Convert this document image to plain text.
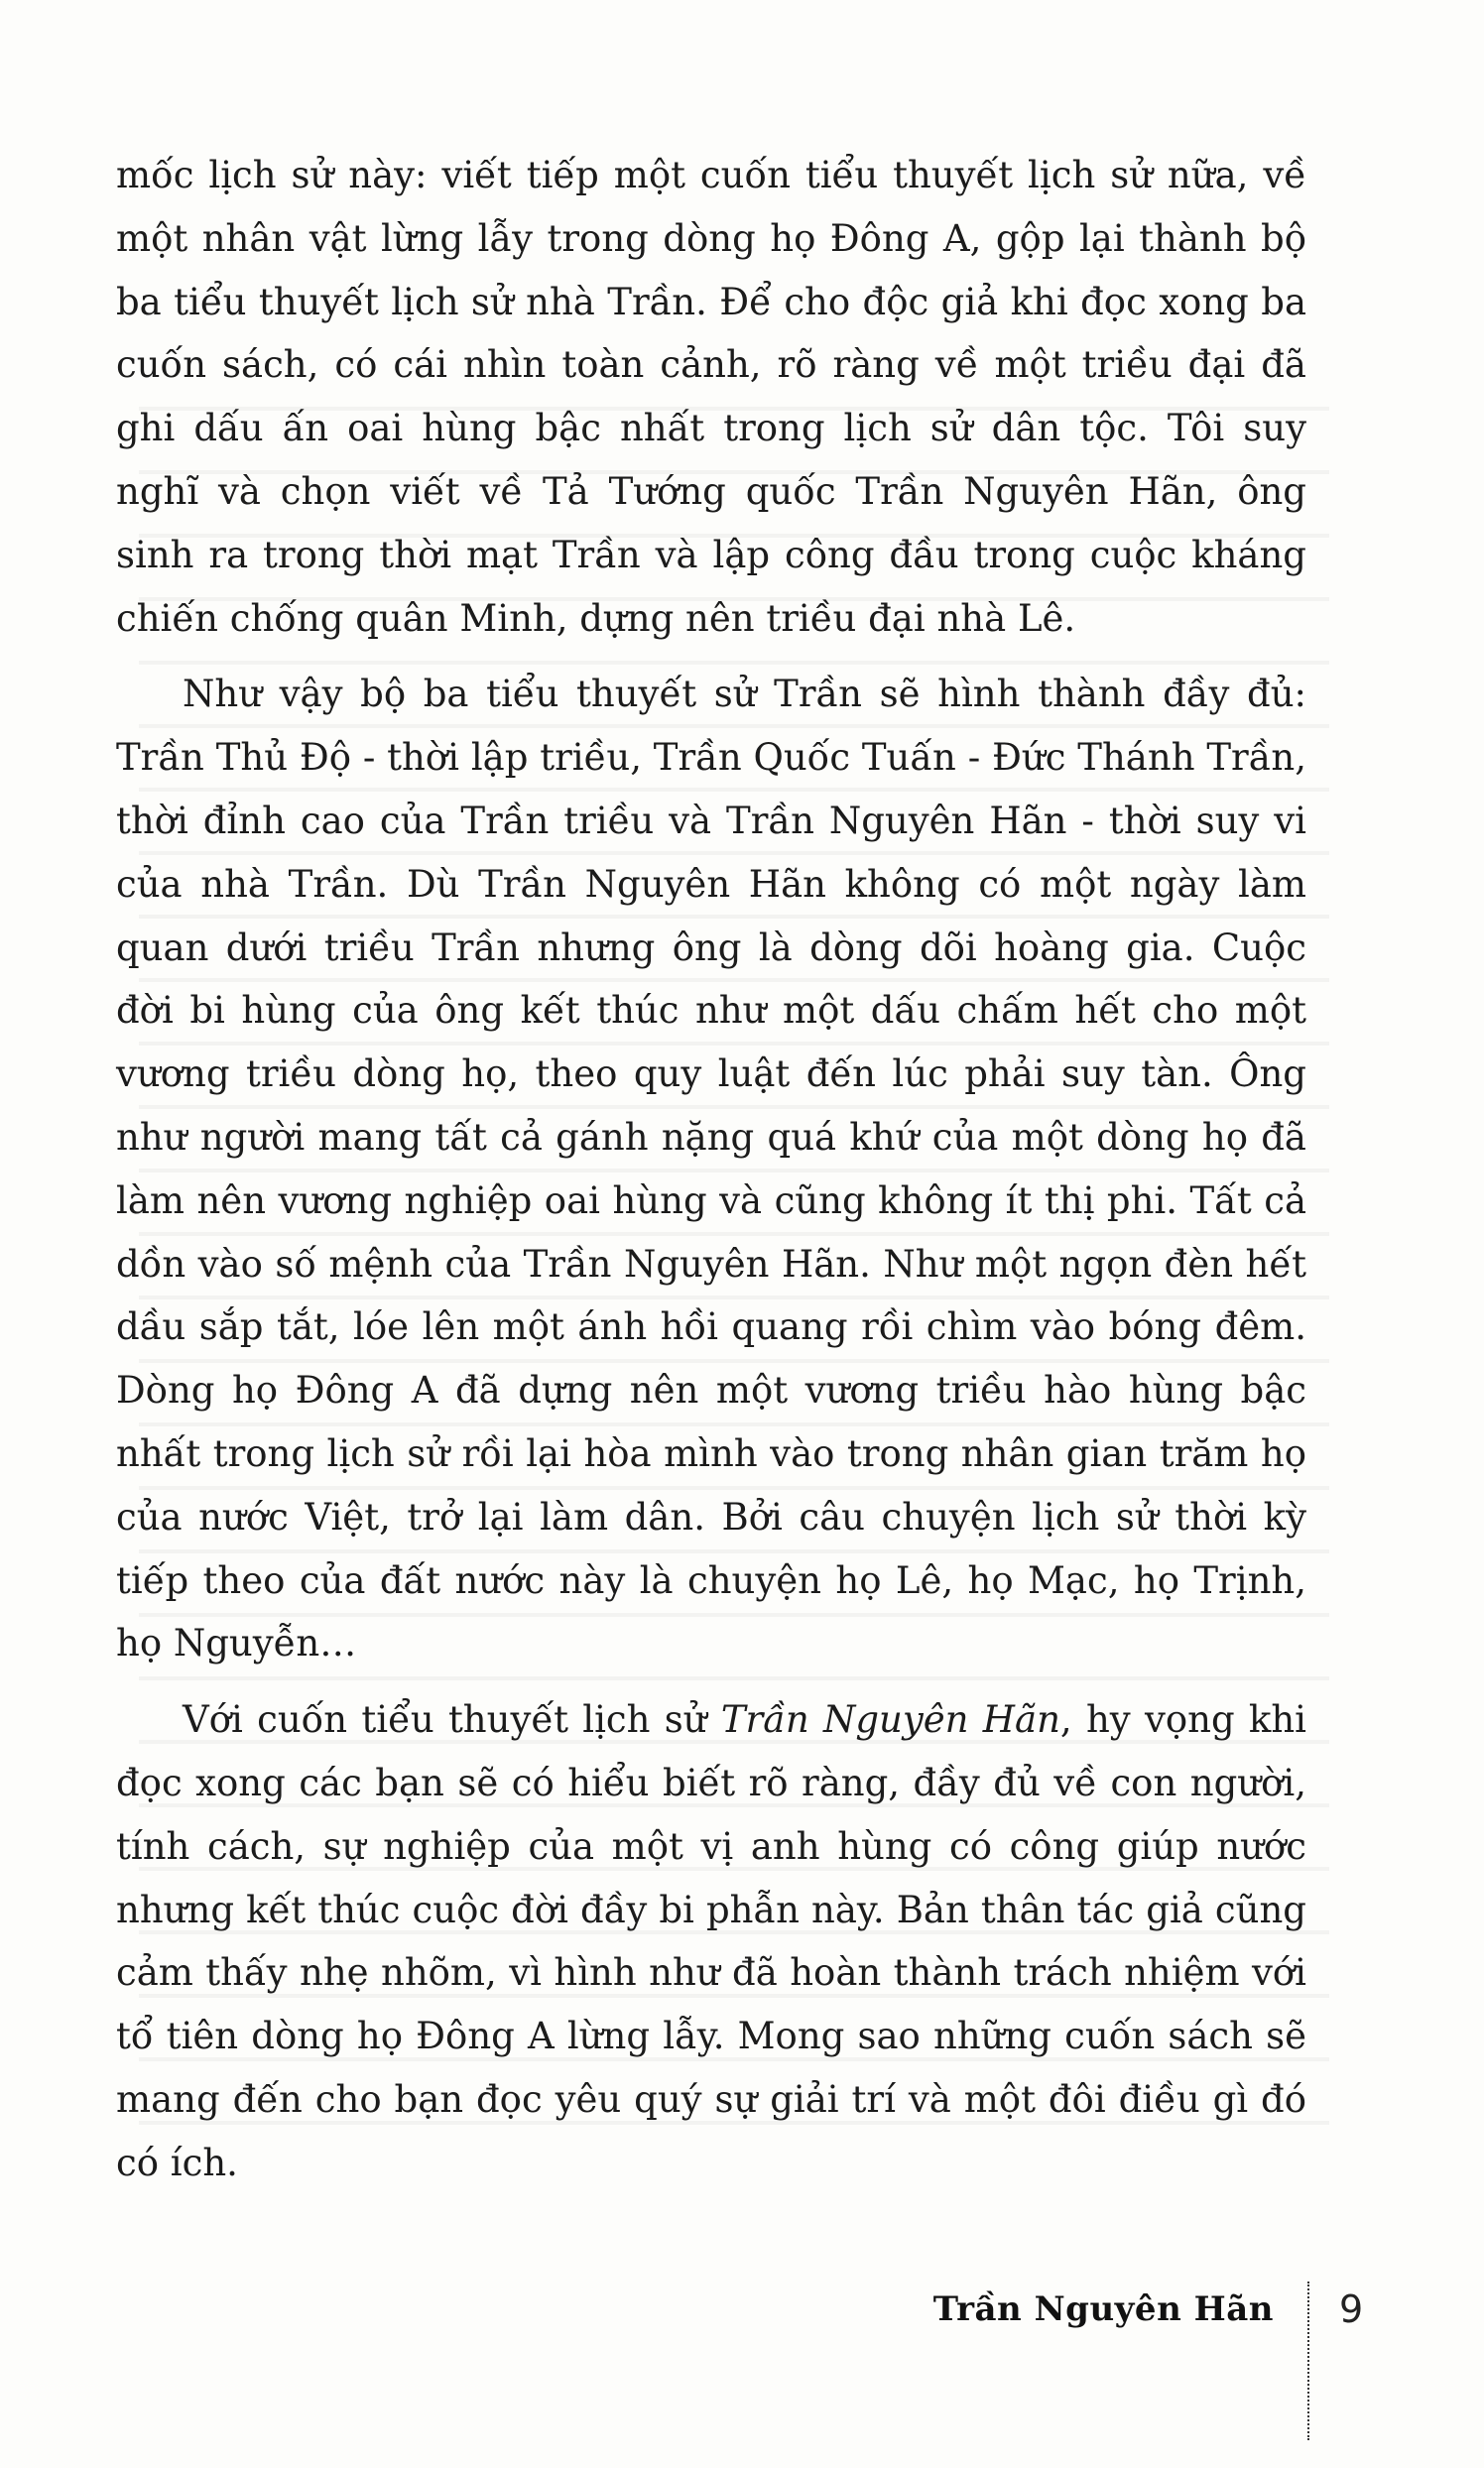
mốc lịch sử này: viết tiếp một cuốn tiểu thuyết lịch sử nữa, về một nhân vật lừng lẫy trong dòng họ Đông A, gộp lại thành bộ ba tiểu thuyết lịch sử nhà Trần. Để cho độc giả khi đọc xong ba cuốn sách, có cái nhìn toàn cảnh, rõ ràng về một triều đại đã ghi dấu ấn oai hùng bậc nhất trong lịch sử dân tộc. Tôi suy nghĩ và chọn viết về Tả Tướng quốc Trần Nguyên Hãn, ông sinh ra trong thời mạt Trần và lập công đầu trong cuộc kháng chiến chống quân Minh, dựng nên triều đại nhà Lê.

Như vậy bộ ba tiểu thuyết sử Trần sẽ hình thành đầy đủ: Trần Thủ Độ - thời lập triều, Trần Quốc Tuấn - Đức Thánh Trần, thời đỉnh cao của Trần triều và Trần Nguyên Hãn - thời suy vi của nhà Trần. Dù Trần Nguyên Hãn không có một ngày làm quan dưới triều Trần nhưng ông là dòng dõi hoàng gia. Cuộc đời bi hùng của ông kết thúc như một dấu chấm hết cho một vương triều dòng họ, theo quy luật đến lúc phải suy tàn. Ông như người mang tất cả gánh nặng quá khứ của một dòng họ đã làm nên vương nghiệp oai hùng và cũng không ít thị phi. Tất cả dồn vào số mệnh của Trần Nguyên Hãn. Như một ngọn đèn hết dầu sắp tắt, lóe lên một ánh hồi quang rồi chìm vào bóng đêm. Dòng họ Đông A đã dựng nên một vương triều hào hùng bậc nhất trong lịch sử rồi lại hòa mình vào trong nhân gian trăm họ của nước Việt, trở lại làm dân. Bởi câu chuyện lịch sử thời kỳ tiếp theo của đất nước này là chuyện họ Lê, họ Mạc, họ Trịnh, họ Nguyễn…

Với cuốn tiểu thuyết lịch sử Trần Nguyên Hãn, hy vọng khi đọc xong các bạn sẽ có hiểu biết rõ ràng, đầy đủ về con người, tính cách, sự nghiệp của một vị anh hùng có công giúp nước nhưng kết thúc cuộc đời đầy bi phẫn này. Bản thân tác giả cũng cảm thấy nhẹ nhõm, vì hình như đã hoàn thành trách nhiệm với tổ tiên dòng họ Đông A lừng lẫy. Mong sao những cuốn sách sẽ mang đến cho bạn đọc yêu quý sự giải trí và một đôi điều gì đó có ích.

Trần Nguyên Hãn 9
